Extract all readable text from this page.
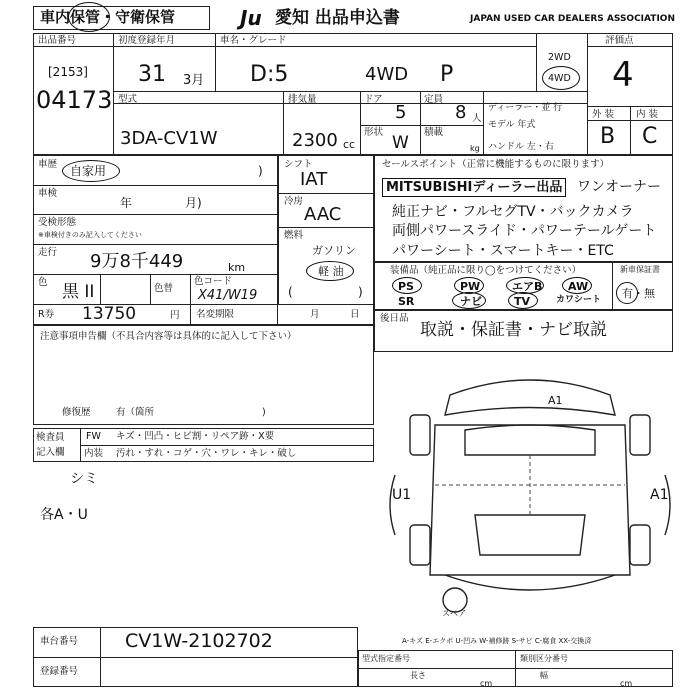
車内保管・守衛保管	Ju 愛知 出品申込書	JAPAN USED CAR DEALERS ASSOCIATION
出品番号
[2153]
04173
初度登録年月
31 3月
車名・グレード
D:5	4WD P
2WD
4WD
評価点
4
外 装 内 装
B C
型式
3DA-CV1W
排気量
2300 cc
ドア
5
定員
8 人
形状
W
積載
kg
ディーラー・並 行
モデル 年式
ハンドル 左・右
車歴 自家用	)
車検
年	月)
受検形態
※車検付きのみ記入してください
走行 9万8千449	km
色 黒 II	色替
色コード
X41/W19
R券 13750	円
シフト
IAT
冷房
AAC
燃料
ガソリン
軽 油
(	)
名変期限	月	日
セールスポイント（正常に機能するものに限ります）
MITSUBISHIディーラー出品 ワンオーナー
純正ナビ・フルセグTV・バックカメラ
両側パワースライド・パワーテールゲート
パワーシート・スマートキー・ETC
装備品（純正品に限り◯をつけてください）	新車保証書
有・無
PS	PW	エアB AW
SR	ナビ	TV	カワシート
後日品
取説・保証書・ナビ取説
注意事項申告欄（不具合内容等は具体的に記入して下さい）
修復歴	有（箇所	)
検査員
記入欄
FW キズ・凹凸・ヒビ割・リペア跡・X要
内装 汚れ・すれ・コゲ・穴・ワレ・キレ・破し
シミ
各A・U
スペア
A1
U1	A1
A-キズ E-エクボ U-凹み W-補修跡 S-サビ C-腐食 XX-交換済
車台番号 CV1W-2102702
登録番号
型式指定番号	類別区分番号
長さ
cm
幅
cm
